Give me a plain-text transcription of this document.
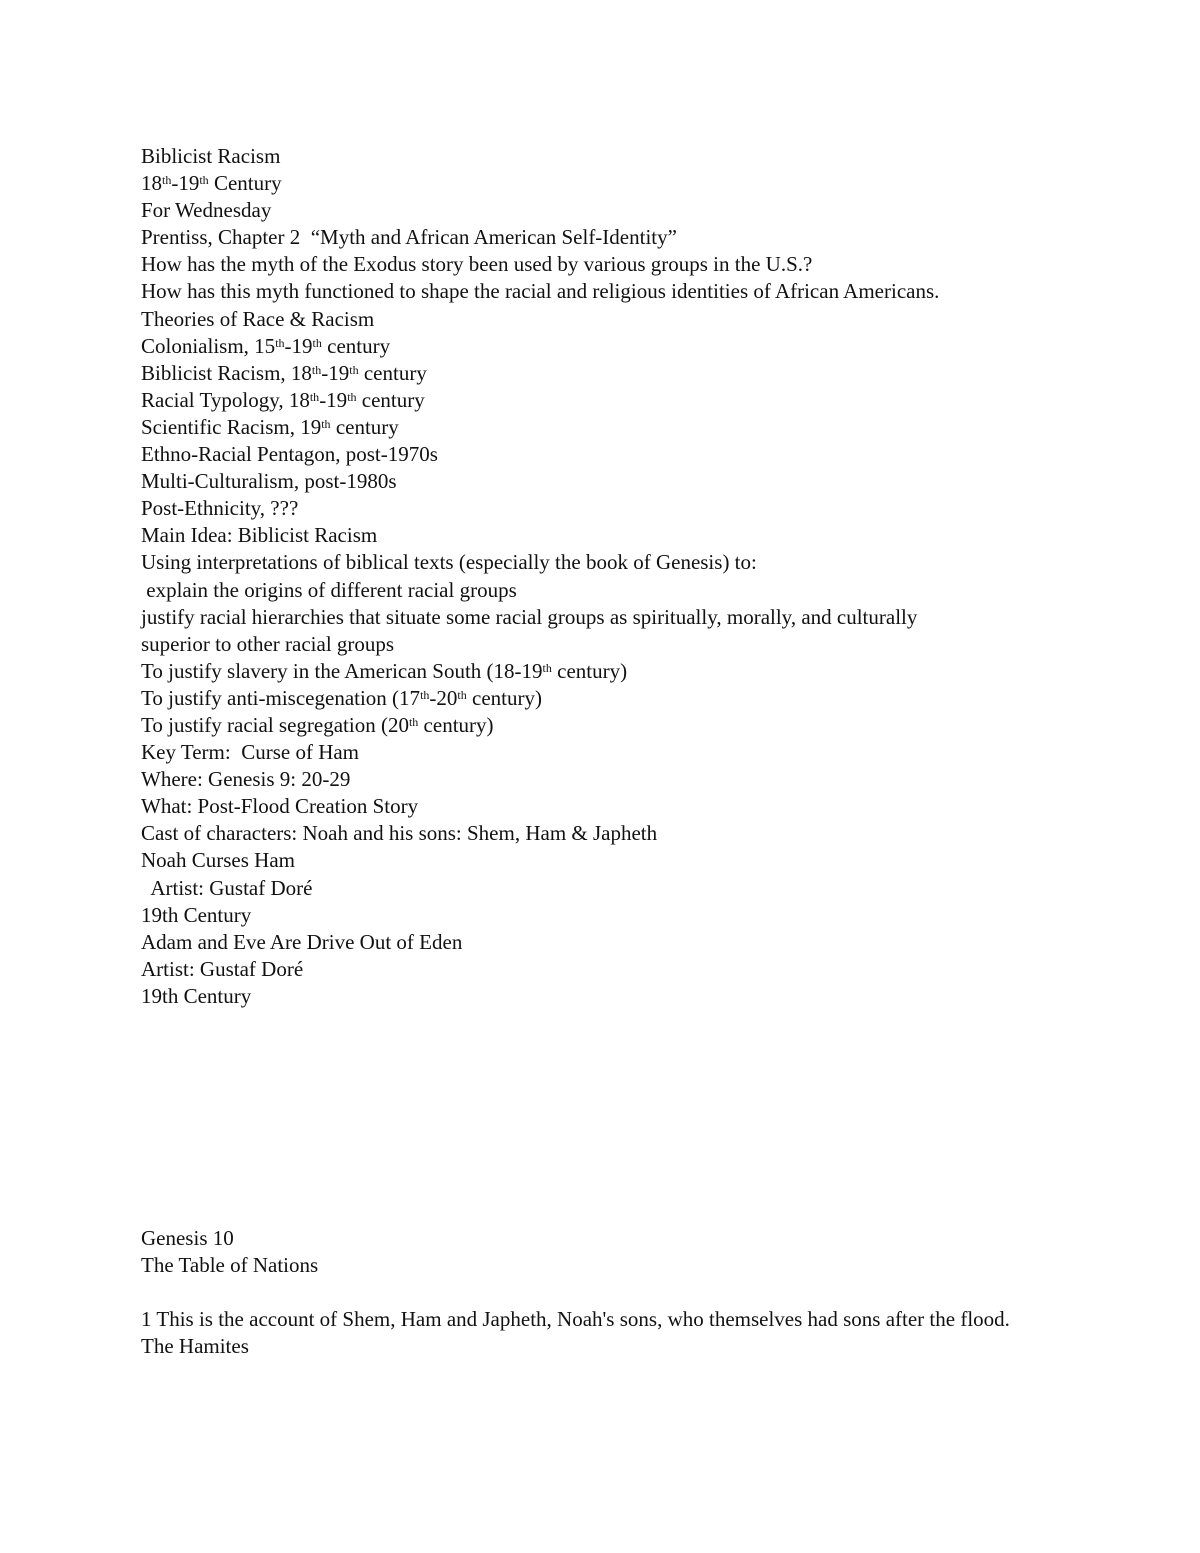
Biblicist Racism
18th-19th Century
For Wednesday
Prentiss, Chapter 2  “Myth and African American Self-Identity”
How has the myth of the Exodus story been used by various groups in the U.S.?
How has this myth functioned to shape the racial and religious identities of African Americans.
Theories of Race & Racism
Colonialism, 15th-19th century
Biblicist Racism, 18th-19th century
Racial Typology, 18th-19th century
Scientific Racism, 19th century
Ethno-Racial Pentagon, post-1970s
Multi-Culturalism, post-1980s
Post-Ethnicity, ???
Main Idea: Biblicist Racism
Using interpretations of biblical texts (especially the book of Genesis) to:
explain the origins of different racial groups
justify racial hierarchies that situate some racial groups as spiritually, morally, and culturally
superior to other racial groups
To justify slavery in the American South (18-19th century)
To justify anti-miscegenation (17th-20th century)
To justify racial segregation (20th century)
Key Term:  Curse of Ham
Where: Genesis 9: 20-29
What: Post-Flood Creation Story
Cast of characters: Noah and his sons: Shem, Ham & Japheth
Noah Curses Ham
Artist: Gustaf Doré
19th Century
Adam and Eve Are Drive Out of Eden
Artist: Gustaf Doré
19th Century
Genesis 10
The Table of Nations
1 This is the account of Shem, Ham and Japheth, Noah's sons, who themselves had sons after the flood.
The Hamites
